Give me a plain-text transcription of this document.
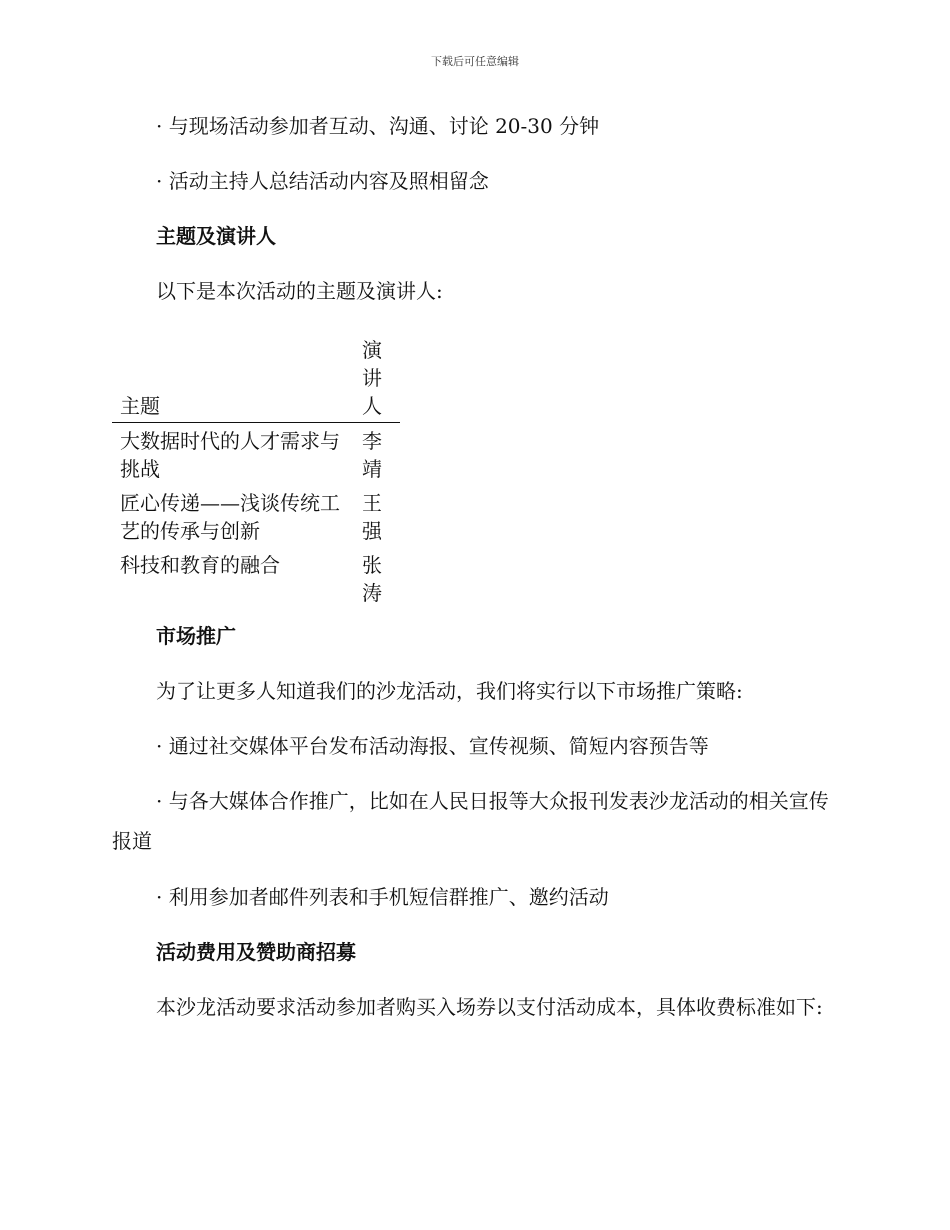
下载后可任意编辑
· 与现场活动参加者互动、沟通、讨论 20-30 分钟
· 活动主持人总结活动内容及照相留念
主题及演讲人
以下是本次活动的主题及演讲人:
主题	演讲人
大数据时代的人才需求与挑战	李靖
匠心传递——浅谈传统工艺的传承与创新	王强
科技和教育的融合	张涛
市场推广
为了让更多人知道我们的沙龙活动，我们将实行以下市场推广策略:
· 通过社交媒体平台发布活动海报、宣传视频、简短内容预告等
· 与各大媒体合作推广，比如在人民日报等大众报刊发表沙龙活动的相关宣传报道
· 利用参加者邮件列表和手机短信群推广、邀约活动
活动费用及赞助商招募
本沙龙活动要求活动参加者购买入场券以支付活动成本，具体收费标准如下:
